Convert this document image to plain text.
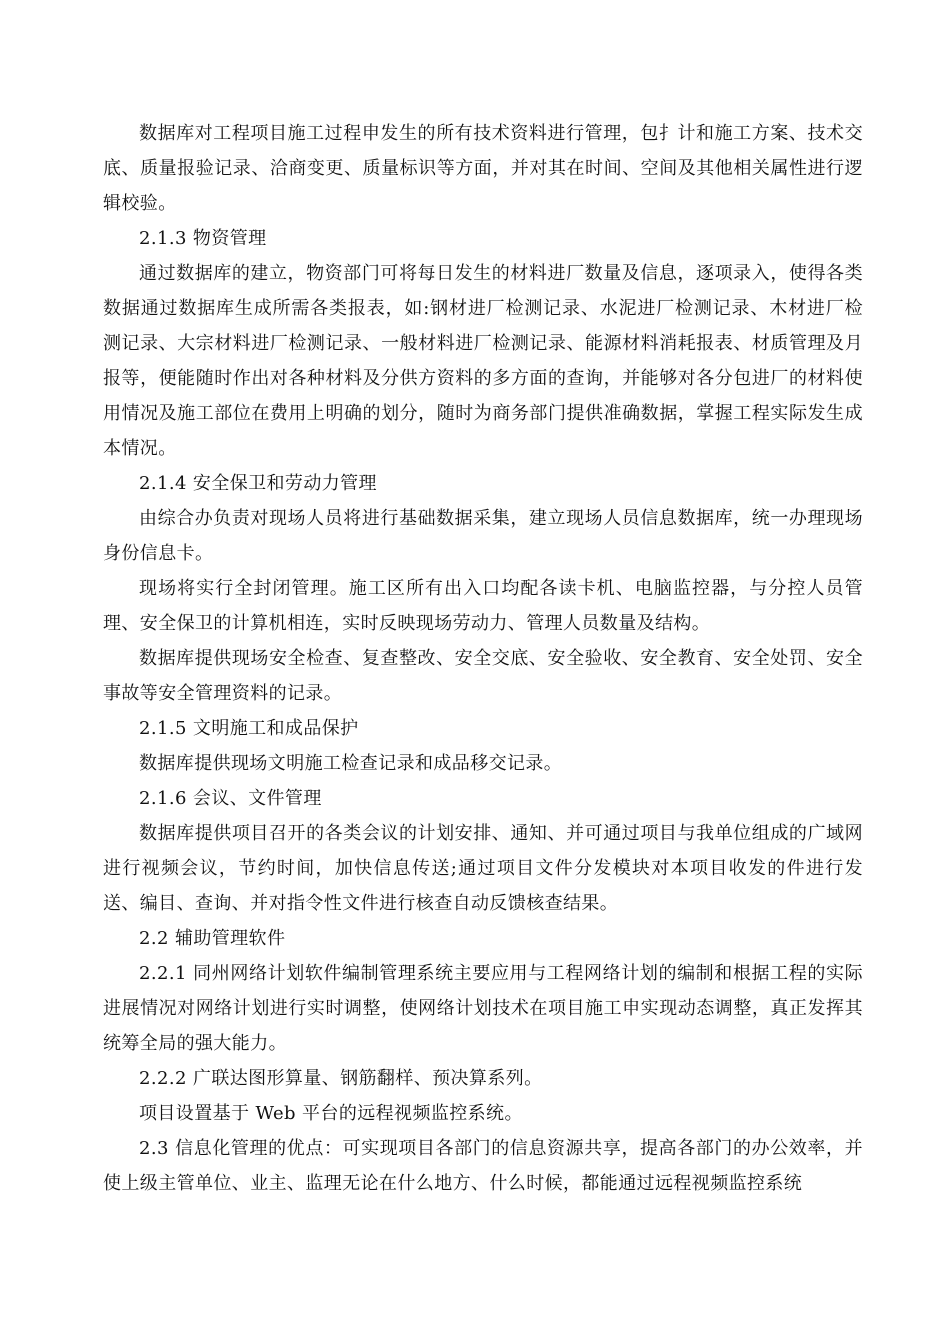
数据库对工程项目施工过程申发生的所有技术资料进行管理，包扌计和施工方案、技术交底、质量报验记录、洽商变更、质量标识等方面，并对其在时间、空间及其他相关属性进行逻辑校验。

2.1.3 物资管理

通过数据库的建立，物资部门可将每日发生的材料进厂数量及信息，逐项录入，使得各类数据通过数据库生成所需各类报表，如:钢材进厂检测记录、水泥进厂检测记录、木材进厂检测记录、大宗材料进厂检测记录、一般材料进厂检测记录、能源材料消耗报表、材质管理及月报等，便能随时作出对各种材料及分供方资料的多方面的查询，并能够对各分包进厂的材料使用情况及施工部位在费用上明确的划分，随时为商务部门提供准确数据，掌握工程实际发生成本情况。

2.1.4 安全保卫和劳动力管理

由综合办负责对现场人员将进行基础数据采集，建立现场人员信息数据库，统一办理现场身份信息卡。

现场将实行全封闭管理。施工区所有出入口均配各读卡机、电脑监控器，与分控人员管理、安全保卫的计算机相连，实时反映现场劳动力、管理人员数量及结构。

数据库提供现场安全检查、复查整改、安全交底、安全验收、安全教育、安全处罚、安全事故等安全管理资料的记录。

2.1.5 文明施工和成品保护

数据库提供现场文明施工检查记录和成品移交记录。

2.1.6 会议、文件管理

数据库提供项目召开的各类会议的计划安排、通知、并可通过项目与我单位组成的广域网进行视频会议，节约时间，加快信息传送;通过项目文件分发模块对本项目收发的件进行发送、编目、查询、并对指令性文件进行核查自动反馈核查结果。

2.2 辅助管理软件

2.2.1 同州网络计划软件编制管理系统主要应用与工程网络计划的编制和根据工程的实际进展情况对网络计划进行实时调整，使网络计划技术在项目施工申实现动态调整，真正发挥其统筹全局的强大能力。

2.2.2 广联达图形算量、钢筋翻样、预决算系列。

项目设置基于 Web 平台的远程视频监控系统。

2.3 信息化管理的优点：可实现项目各部门的信息资源共享，提高各部门的办公效率，并使上级主管单位、业主、监理无论在什么地方、什么时候，都能通过远程视频监控系统
